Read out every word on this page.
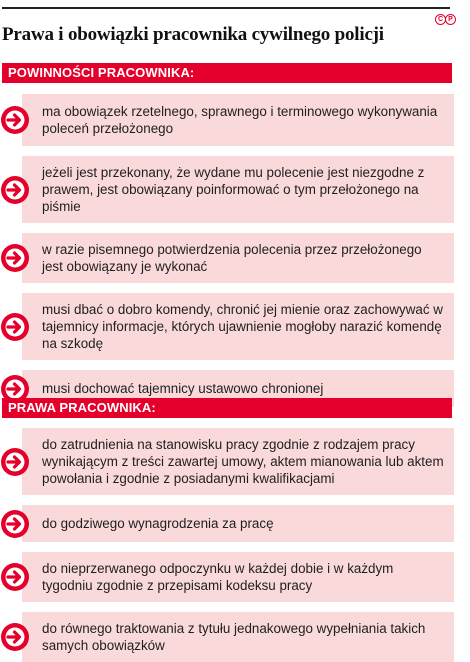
C P
Prawa i obowiązki pracownika cywilnego policji
POWINNOŚCI PRACOWNIKA:
ma obowiązek rzetelnego, sprawnego i terminowego wykonywania poleceń przełożonego
jeżeli jest przekonany, że wydane mu polecenie jest niezgodne z prawem, jest obowiązany poinformować o tym przełożonego na piśmie
w razie pisemnego potwierdzenia polecenia przez przełożonego jest obowiązany je wykonać
musi dbać o dobro komendy, chronić jej mienie oraz zachowywać w tajemnicy informacje, których ujawnienie mogłoby narazić komendę na szkodę
musi dochować tajemnicy ustawowo chronionej
PRAWA PRACOWNIKA:
do zatrudnienia na stanowisku pracy zgodnie z rodzajem pracy wynikającym z treści zawartej umowy, aktem mianowania lub aktem powołania i zgodnie z posiadanymi kwalifikacjami
do godziwego wynagrodzenia za pracę
do nieprzerwanego odpoczynku w każdej dobie i w każdym tygodniu zgodnie z przepisami kodeksu pracy
do równego traktowania z tytułu jednakowego wypełniania takich samych obowiązków
